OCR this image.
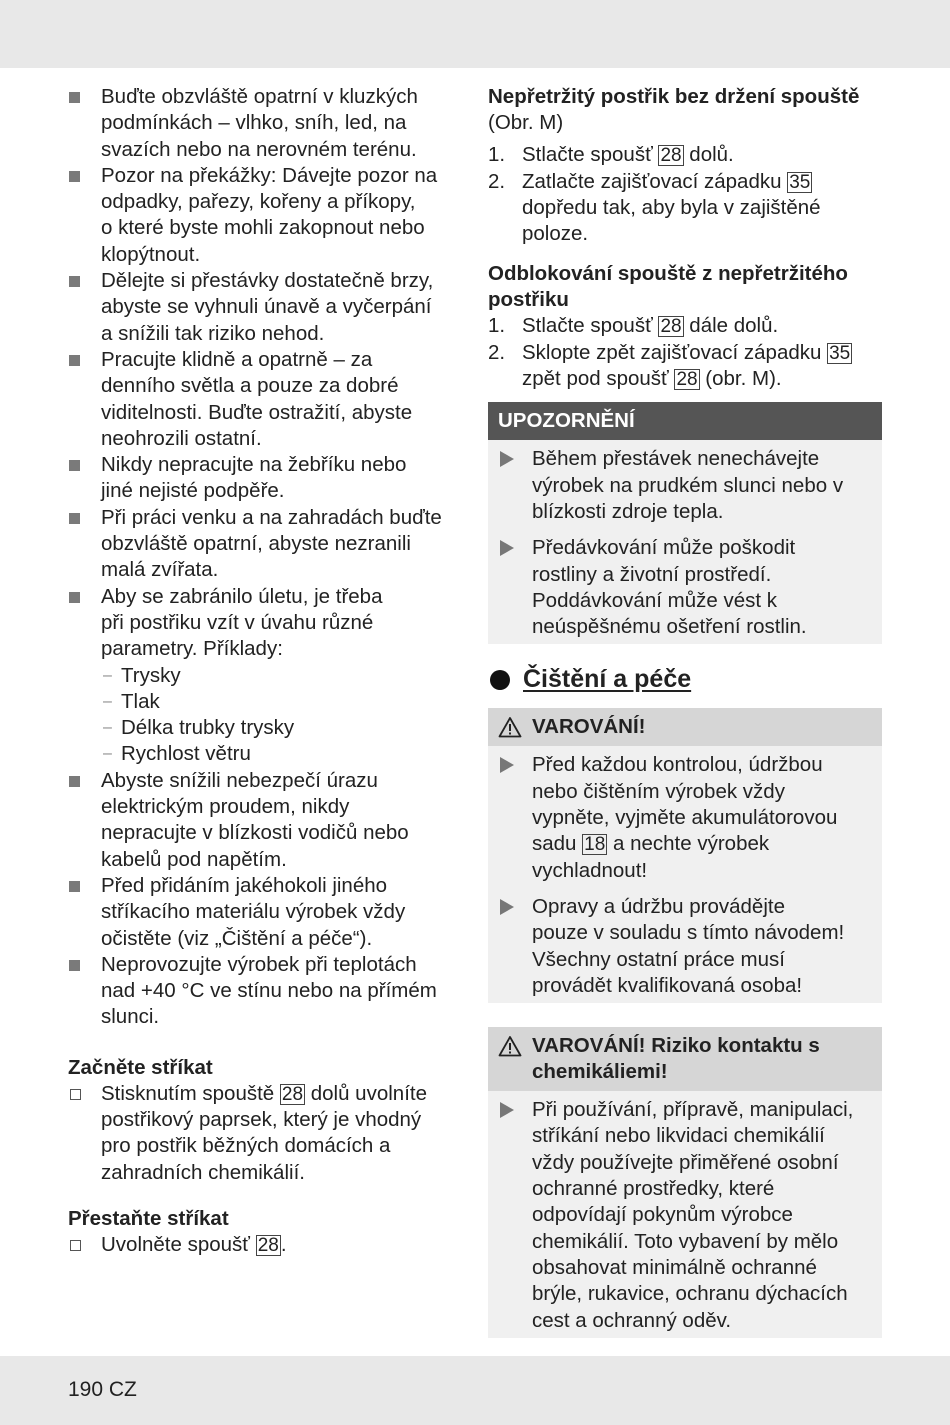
Buďte obzvláště opatrní v kluzkých
podmínkách – vlhko, sníh, led, na
svazích nebo na nerovném terénu.
Pozor na překážky: Dávejte pozor na
odpadky, pařezy, kořeny a příkopy,
o které byste mohli zakopnout nebo
klopýtnout.
Dělejte si přestávky dostatečně brzy,
abyste se vyhnuli únavě a vyčerpání
a snížili tak riziko nehod.
Pracujte klidně a opatrně – za
denního světla a pouze za dobré
viditelnosti. Buďte ostražití, abyste
neohrozili ostatní.
Nikdy nepracujte na žebříku nebo
jiné nejisté podpěře.
Při práci venku a na zahradách buďte
obzvláště opatrní, abyste nezranili
malá zvířata.
Aby se zabránilo úletu, je třeba
při postřiku vzít v úvahu různé
parametry. Příklady:
– Trysky
– Tlak
– Délka trubky trysky
– Rychlost větru
Abyste snížili nebezpečí úrazu
elektrickým proudem, nikdy
nepracujte v blízkosti vodičů nebo
kabelů pod napětím.
Před přidáním jakéhokoli jiného
stříkacího materiálu výrobek vždy
očistěte (viz „Čištění a péče“).
Neprovozujte výrobek při teplotách
nad +40 °C ve stínu nebo na přímém
slunci.
Začněte stříkat
Stisknutím spouště 28 dolů uvolníte
postřikový paprsek, který je vhodný
pro postřik běžných domácích a
zahradních chemikálií.
Přestaňte stříkat
Uvolněte spoušť 28.
Nepřetržitý postřik bez držení spouště
(Obr. M)
1. Stlačte spoušť 28 dolů.
2. Zatlačte zajišťovací západku 35
dopředu tak, aby byla v zajištěné
poloze.
Odblokování spouště z nepřetržitého
postřiku
1. Stlačte spoušť 28 dále dolů.
2. Sklopte zpět zajišťovací západku 35
zpět pod spoušť 28 (obr. M).
UPOZORNĚNÍ
Během přestávek nenechávejte
výrobek na prudkém slunci nebo v
blízkosti zdroje tepla.
Předávkování může poškodit
rostliny a životní prostředí.
Poddávkování může vést k
neúspěšnému ošetření rostlin.
Čištění a péče
VAROVÁNÍ!
Před každou kontrolou, údržbou
nebo čištěním výrobek vždy
vypněte, vyjměte akumulátorovou
sadu 18 a nechte výrobek
vychladnout!
Opravy a údržbu provádějte
pouze v souladu s tímto návodem!
Všechny ostatní práce musí
provádět kvalifikovaná osoba!
VAROVÁNÍ! Riziko kontaktu s
chemikáliemi!
Při používání, přípravě, manipulaci,
stříkání nebo likvidaci chemikálií
vždy používejte přiměřené osobní
ochranné prostředky, které
odpovídají pokynům výrobce
chemikálií. Toto vybavení by mělo
obsahovat minimálně ochranné
brýle, rukavice, ochranu dýchacích
cest a ochranný oděv.
190 CZ
